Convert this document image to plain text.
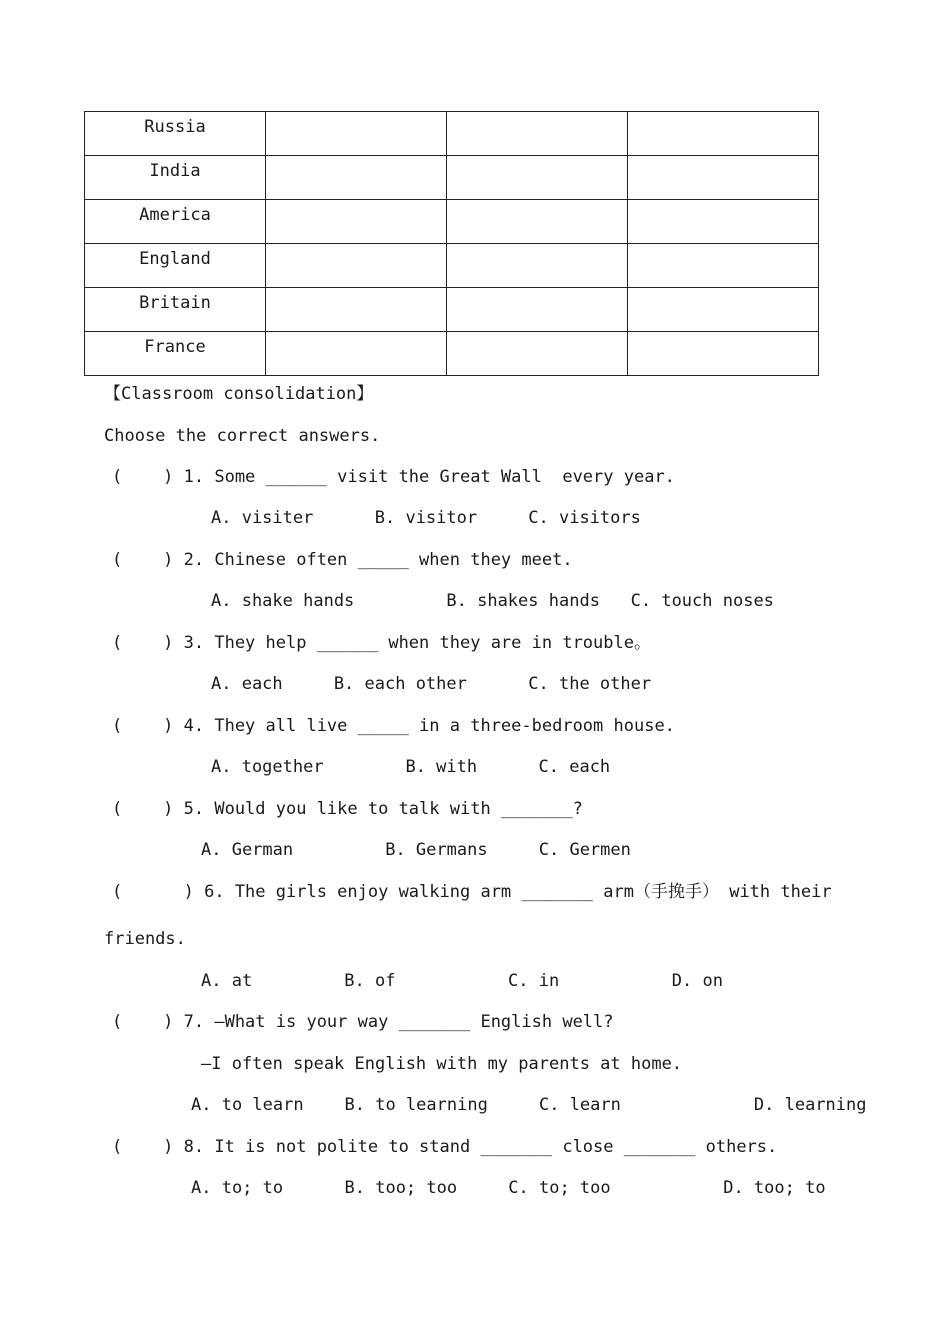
Russia			
India			
America			
England			
Britain			
France			
【Classroom consolidation】
Choose the correct answers.
(    ) 1. Some ______ visit the Great Wall  every year.
A. visiter      B. visitor     C. visitors
(    ) 2. Chinese often _____ when they meet.
A. shake hands         B. shakes hands   C. touch noses
(    ) 3. They help ______ when they are in trouble。
A. each     B. each other      C. the other
(    ) 4. They all live _____ in a three-bedroom house.
A. together        B. with      C. each
(    ) 5. Would you like to talk with _______?
A. German         B. Germans     C. Germen
(      ) 6. The girls enjoy walking arm _______ arm（手挽手） with their
friends.
A. at         B. of           C. in           D. on
(    ) 7. —What is your way _______ English well?
—I often speak English with my parents at home.
A. to learn    B. to learning     C. learn             D. learning
(    ) 8. It is not polite to stand _______ close _______ others.
A. to; to      B. too; too     C. to; too           D. too; to
